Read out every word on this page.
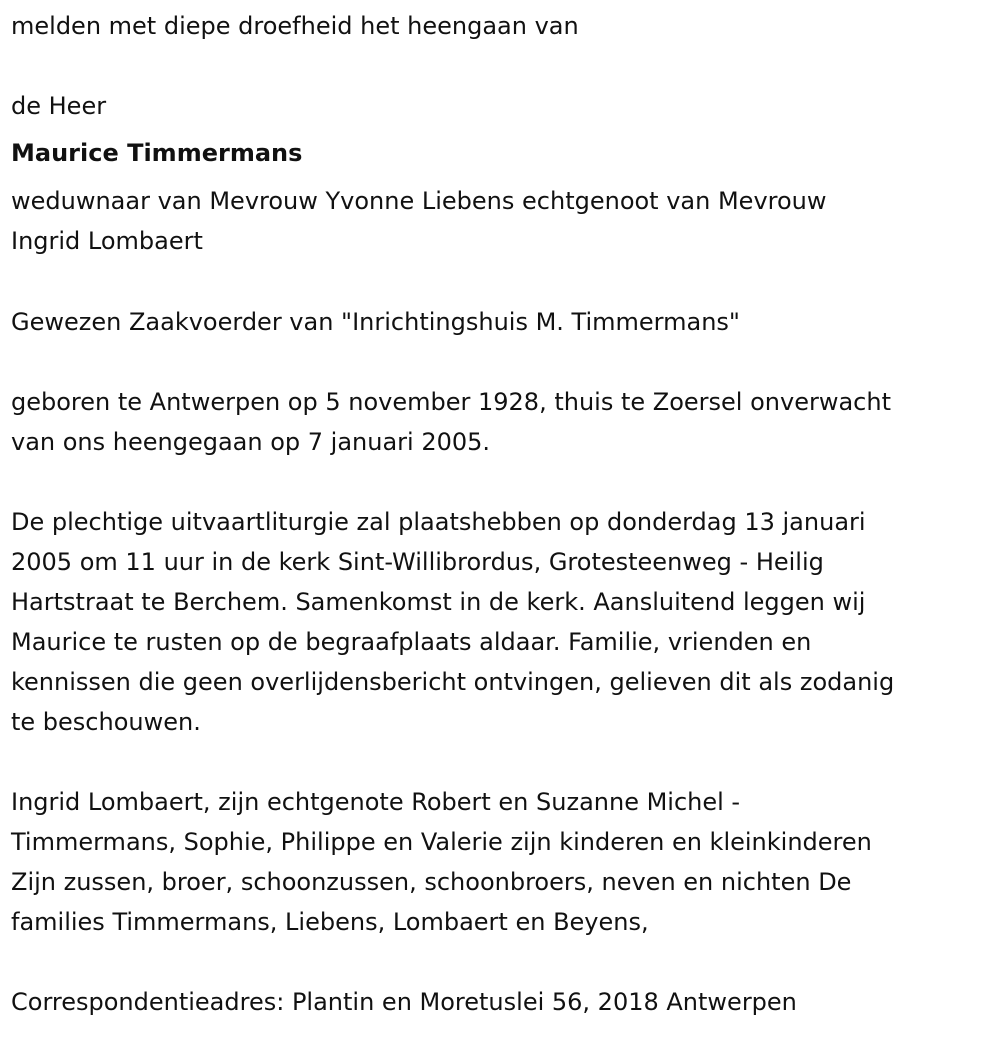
melden met diepe droefheid het heengaan van

de Heer

Maurice Timmermans

weduwnaar van Mevrouw Yvonne Liebens echtgenoot van Mevrouw

Ingrid Lombaert

Gewezen Zaakvoerder van "Inrichtingshuis M. Timmermans"

geboren te Antwerpen op 5 november 1928, thuis te Zoersel onverwacht

van ons heengegaan op 7 januari 2005.

De plechtige uitvaartliturgie zal plaatshebben op donderdag 13 januari

2005 om 11 uur in de kerk Sint-Willibrordus, Grotesteenweg - Heilig

Hartstraat te Berchem. Samenkomst in de kerk. Aansluitend leggen wij

Maurice te rusten op de begraafplaats aldaar. Familie, vrienden en

kennissen die geen overlijdensbericht ontvingen, gelieven dit als zodanig

te beschouwen.

Ingrid Lombaert, zijn echtgenote Robert en Suzanne Michel -

Timmermans, Sophie, Philippe en Valerie zijn kinderen en kleinkinderen

Zijn zussen, broer, schoonzussen, schoonbroers, neven en nichten De

families Timmermans, Liebens, Lombaert en Beyens,

Correspondentieadres: Plantin en Moretuslei 56, 2018 Antwerpen
